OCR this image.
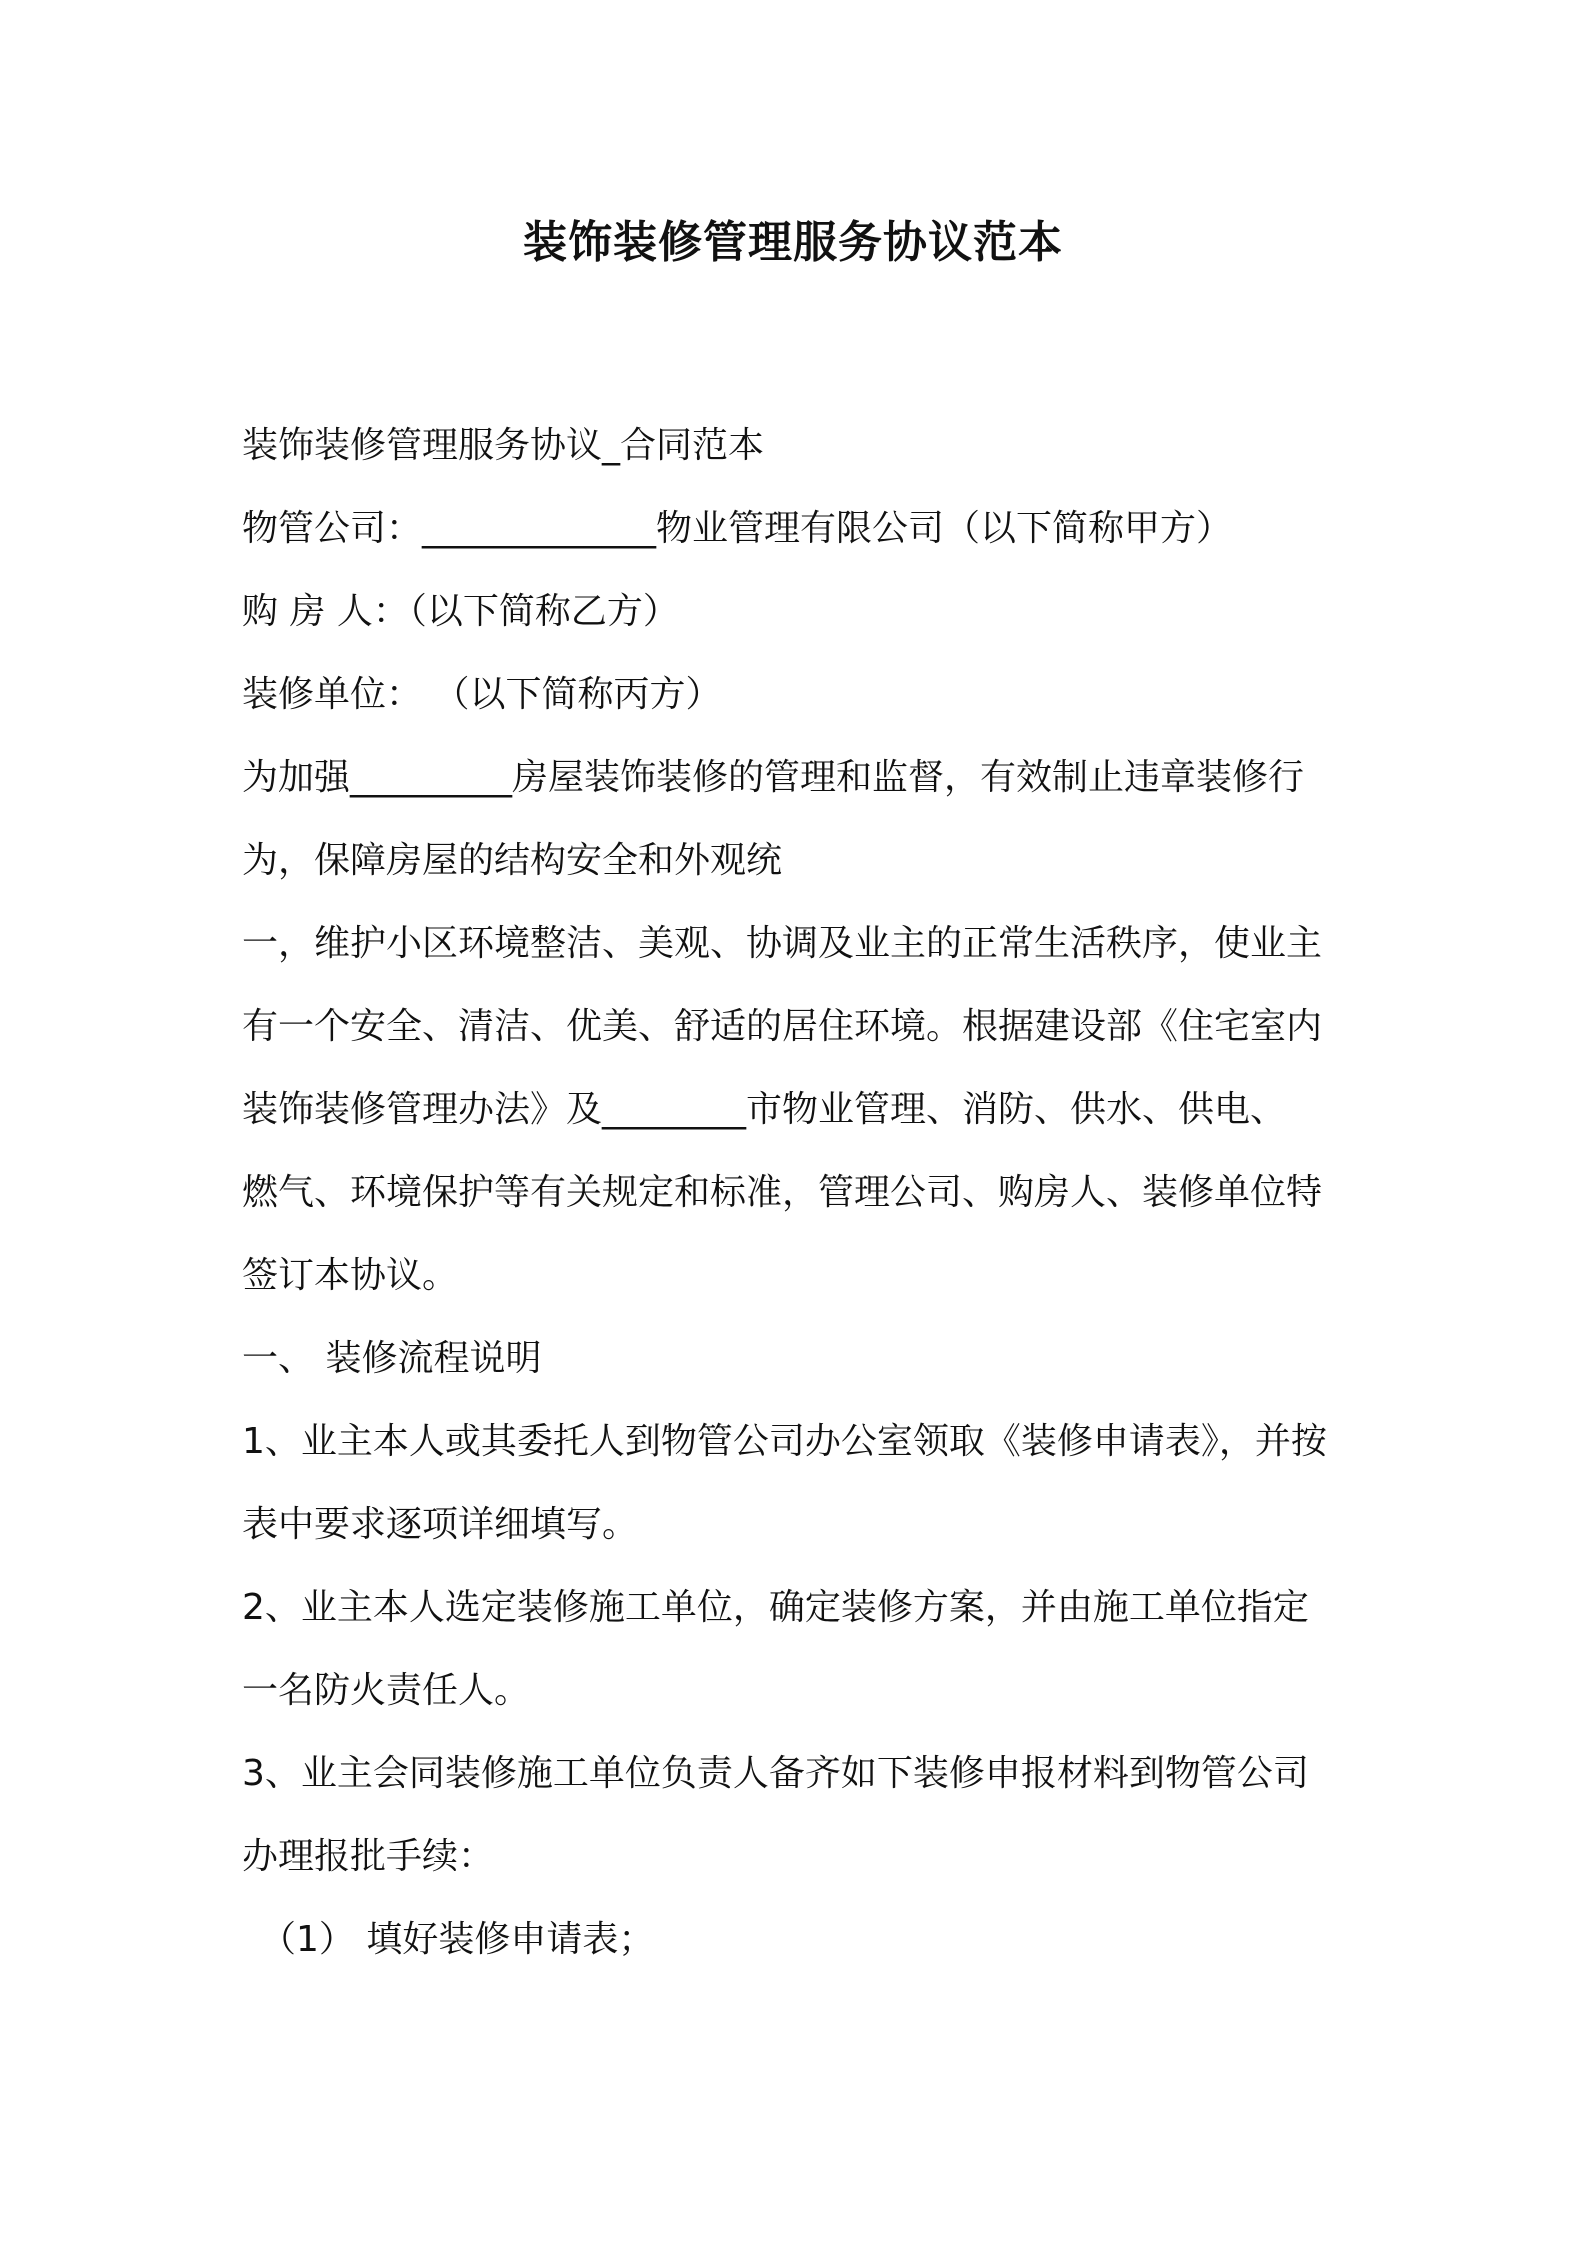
装饰装修管理服务协议范本

装饰装修管理服务协议_合同范本

物管公司：_____________物业管理有限公司（以下简称甲方）

购 房 人：（以下简称乙方）

装修单位： （以下简称丙方）

为加强_________房屋装饰装修的管理和监督，有效制止违章装修行

为，保障房屋的结构安全和外观统

一，维护小区环境整洁、美观、协调及业主的正常生活秩序，使业主

有一个安全、清洁、优美、舒适的居住环境。根据建设部《住宅室内

装饰装修管理办法》及________市物业管理、消防、供水、供电、

燃气、环境保护等有关规定和标准，管理公司、购房人、装修单位特

签订本协议。

一、 装修流程说明

1、业主本人或其委托人到物管公司办公室领取《装修申请表》，并按

表中要求逐项详细填写。

2、业主本人选定装修施工单位，确定装修方案，并由施工单位指定

一名防火责任人。

3、业主会同装修施工单位负责人备齐如下装修申报材料到物管公司

办理报批手续：

（1） 填好装修申请表；
